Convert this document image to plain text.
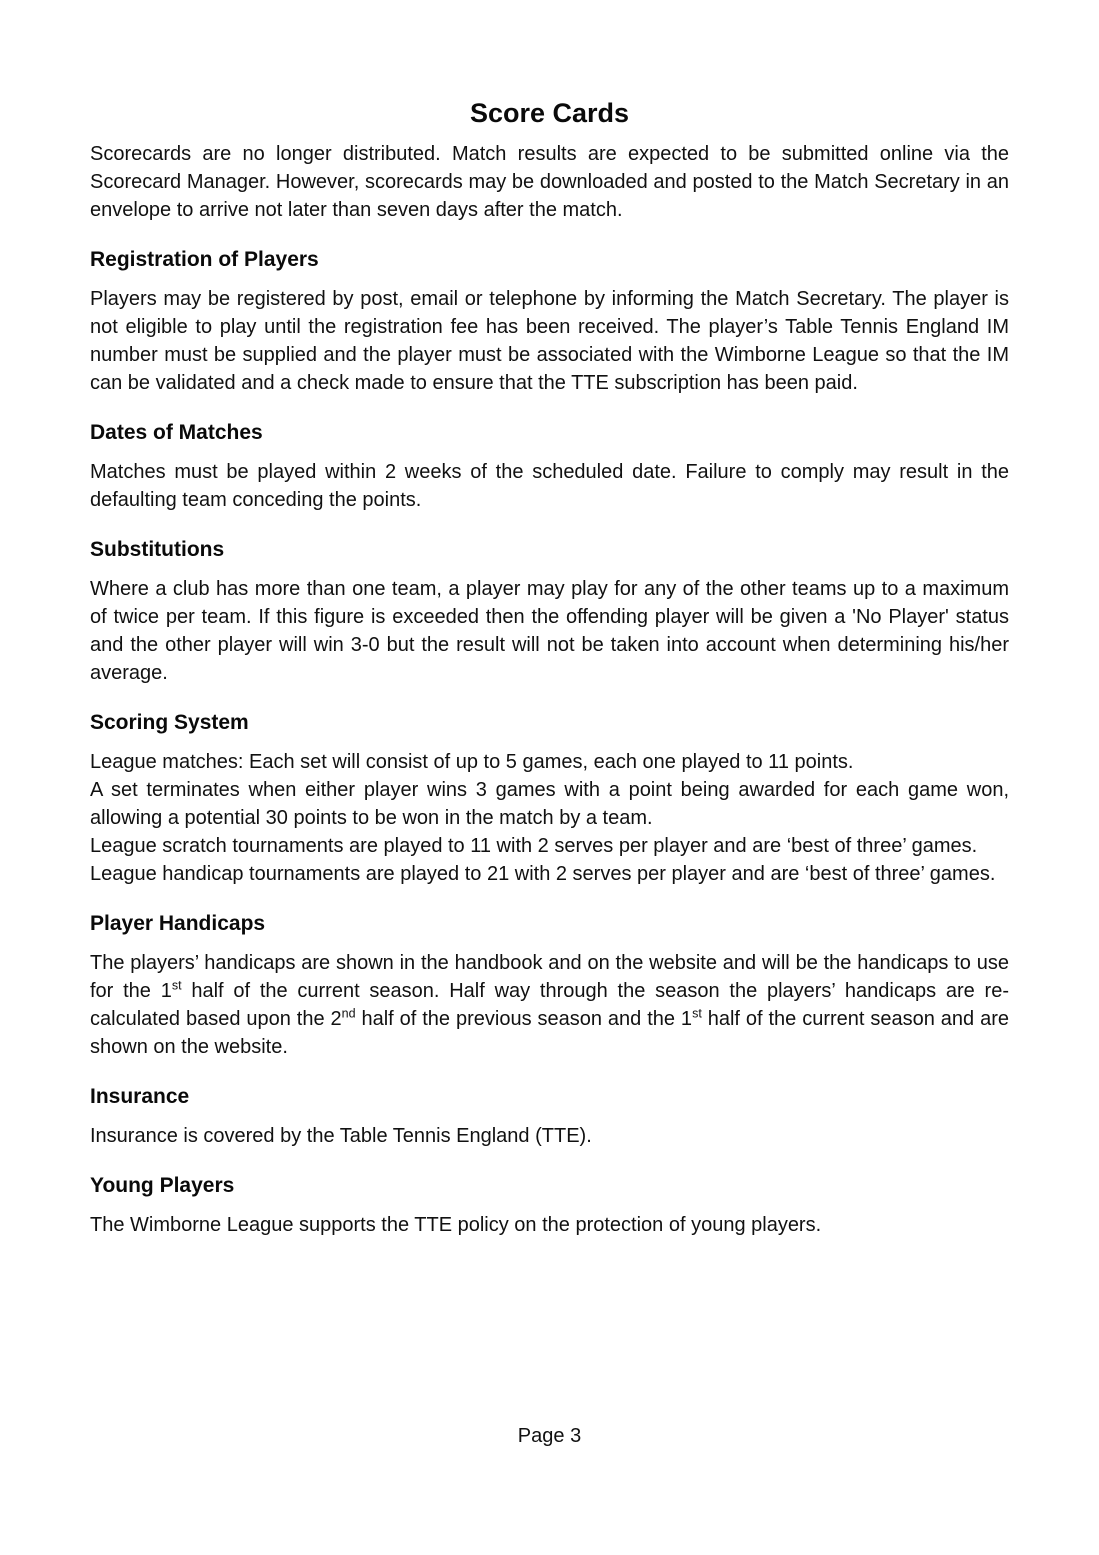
Score Cards

Scorecards are no longer distributed. Match results are expected to be submitted online via the Scorecard Manager. However, scorecards may be downloaded and posted to the Match Secretary in an envelope to arrive not later than seven days after the match.

Registration of Players

Players may be registered by post, email or telephone by informing the Match Secretary. The player is not eligible to play until the registration fee has been received. The player’s Table Tennis England IM number must be supplied and the player must be associated with the Wimborne League so that the IM can be validated and a check made to ensure that the TTE subscription has been paid.

Dates of Matches

Matches must be played within 2 weeks of the scheduled date. Failure to comply may result in the defaulting team conceding the points.

Substitutions

Where a club has more than one team, a player may play for any of the other teams up to a maximum of twice per team. If this figure is exceeded then the offending player will be given a 'No Player' status and the other player will win 3-0 but the result will not be taken into account when determining his/her average.

Scoring System

League matches: Each set will consist of up to 5 games, each one played to 11 points.

A set terminates when either player wins 3 games with a point being awarded for each game won, allowing a potential 30 points to be won in the match by a team.

League scratch tournaments are played to 11 with 2 serves per player and are ‘best of three’ games.

League handicap tournaments are played to 21 with 2 serves per player and are ‘best of three’ games.

Player Handicaps

The players’ handicaps are shown in the handbook and on the website and will be the handicaps to use for the 1st half of the current season. Half way through the season the players’ handicaps are re-calculated based upon the 2nd half of the previous season and the 1st half of the current season and are shown on the website.

Insurance

Insurance is covered by the Table Tennis England (TTE).

Young Players

The Wimborne League supports the TTE policy on the protection of young players.

Page 3
